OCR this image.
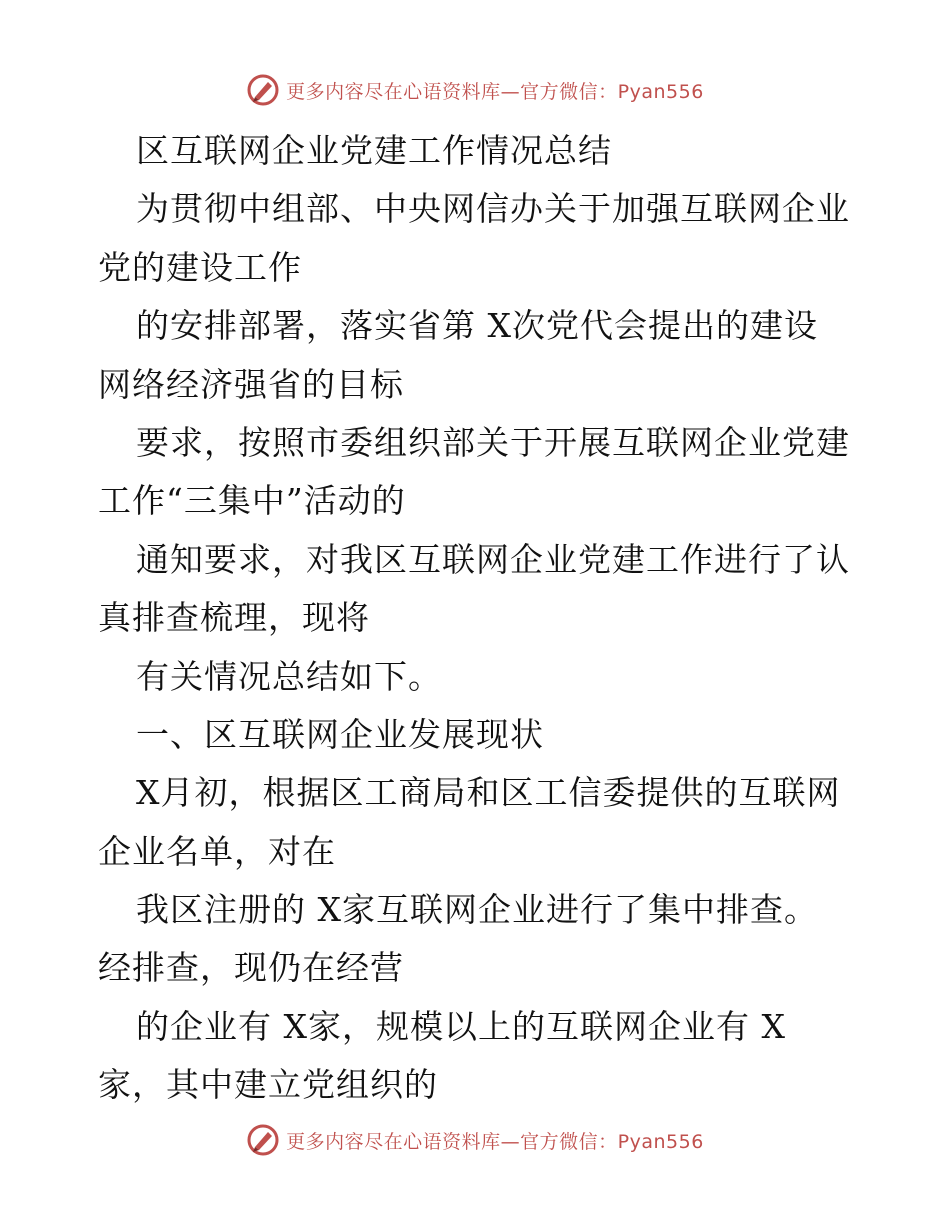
更多内容尽在心语资料库—官方微信：Pyan556
区互联网企业党建工作情况总结
为贯彻中组部、中央网信办关于加强互联网企业
党的建设工作
的安排部署，落实省第 X次党代会提出的建设
网络经济强省的目标
要求，按照市委组织部关于开展互联网企业党建
工作“三集中”活动的
通知要求，对我区互联网企业党建工作进行了认
真排查梳理，现将
有关情况总结如下。
一、区互联网企业发展现状
X月初，根据区工商局和区工信委提供的互联网
企业名单，对在
我区注册的 X家互联网企业进行了集中排查。
经排查，现仍在经营
的企业有 X家，规模以上的互联网企业有 X
家，其中建立党组织的
更多内容尽在心语资料库—官方微信：Pyan556
